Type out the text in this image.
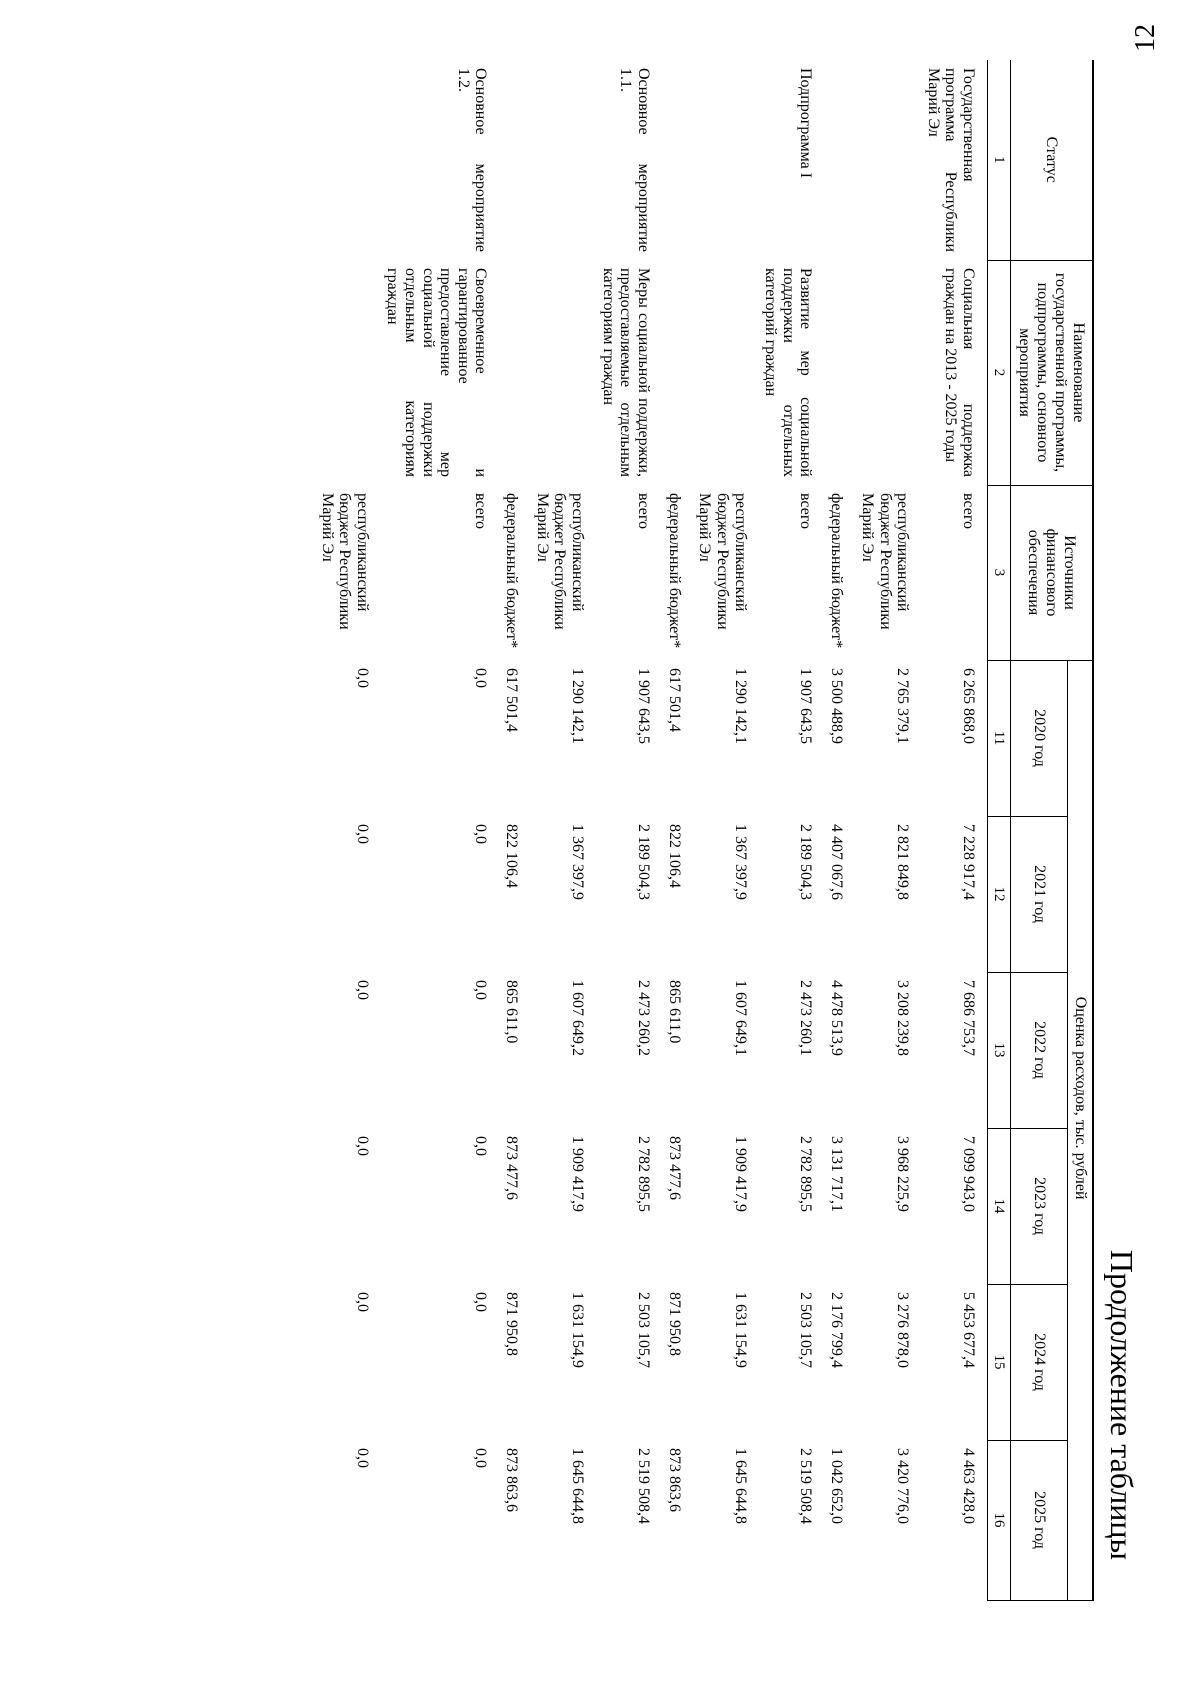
12
Продолжение таблицы
Статус	Наименование государственной программы, подпрограммы, основного мероприятия	Источники финансового обеспечения	Оценка расходов, тыс. рублей					
			2020 год	2021 год	2022 год	2023 год	2024 год	2025 год
1	2	3	11	12	13	14	15	16
Государственная программа Республики Марий Эл	Социальная поддержка граждан на 2013 - 2025 годы	всего	6 265 868,0	7 228 917,4	7 686 753,7	7 099 943,0	5 453 677,4	4 463 428,0
		республиканский бюджет Республики Марий Эл	2 765 379,1	2 821 849,8	3 208 239,8	3 968 225,9	3 276 878,0	3 420 776,0
		федеральный бюджет*	3 500 488,9	4 407 067,6	4 478 513,9	3 131 717,1	2 176 799,4	1 042 652,0
Подпрограмма I	Развитие мер социальной поддержки отдельных категорий граждан	всего	1 907 643,5	2 189 504,3	2 473 260,1	2 782 895,5	2 503 105,7	2 519 508,4
		республиканский бюджет Республики Марий Эл	1 290 142,1	1 367 397,9	1 607 649,1	1 909 417,9	1 631 154,9	1 645 644,8
		федеральный бюджет*	617 501,4	822 106,4	865 611,0	873 477,6	871 950,8	873 863,6
Основное мероприятие 1.1.	Меры социальной поддержки, предоставляемые отдельным категориям граждан	всего	1 907 643,5	2 189 504,3	2 473 260,2	2 782 895,5	2 503 105,7	2 519 508,4
		республиканский бюджет Республики Марий Эл	1 290 142,1	1 367 397,9	1 607 649,2	1 909 417,9	1 631 154,9	1 645 644,8
		федеральный бюджет*	617 501,4	822 106,4	865 611,0	873 477,6	871 950,8	873 863,6
Основное мероприятие 1.2.	Своевременное и гарантированное предоставление мер социальной поддержки отдельным категориям граждан	всего	0,0	0,0	0,0	0,0	0,0	0,0
		республиканский бюджет Республики Марий Эл	0,0	0,0	0,0	0,0	0,0	0,0
